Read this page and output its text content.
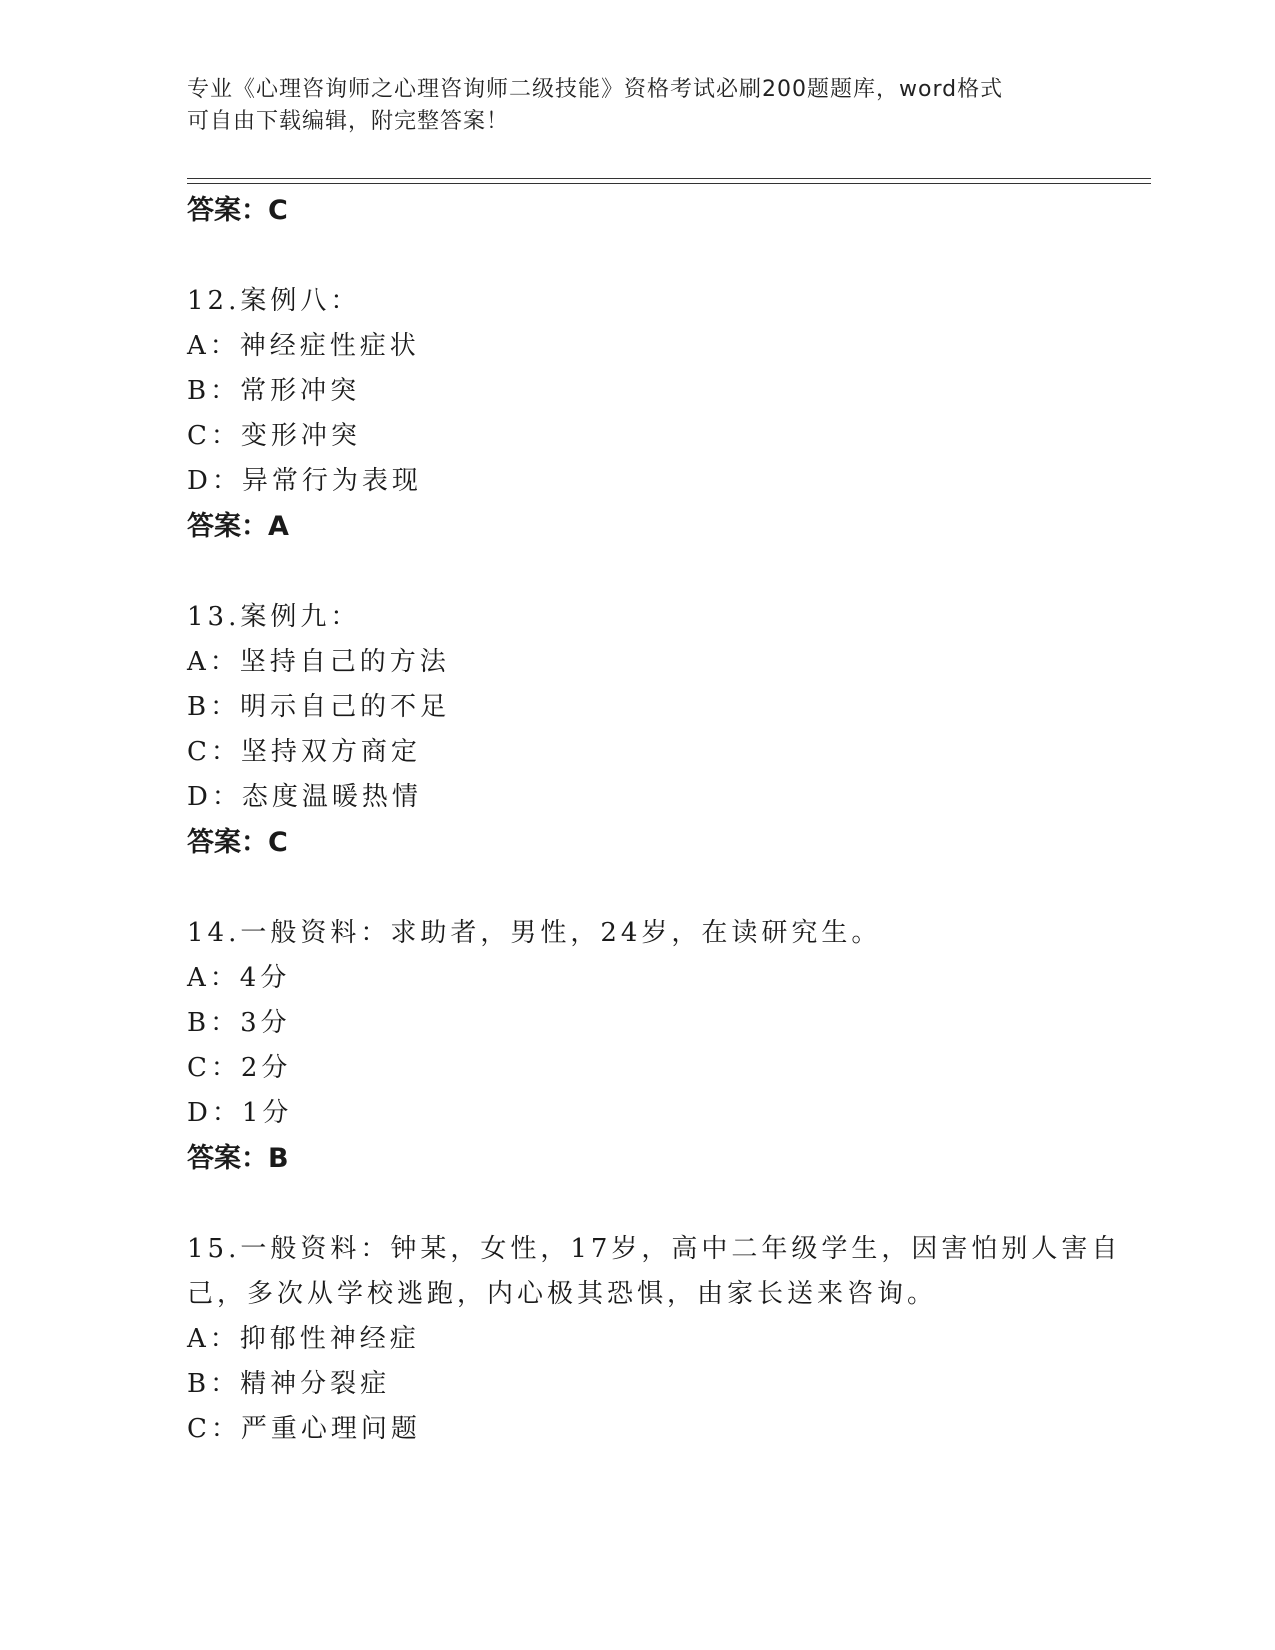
专业《心理咨询师之心理咨询师二级技能》资格考试必刷200题题库，word格式
可自由下载编辑，附完整答案！
答案：C
12.案例八：
A：神经症性症状
B：常形冲突
C：变形冲突
D：异常行为表现
答案：A
13.案例九：
A：坚持自己的方法
B：明示自己的不足
C：坚持双方商定
D：态度温暖热情
答案：C
14.一般资料：求助者，男性，24岁，在读研究生。
A：4分
B：3分
C：2分
D：1分
答案：B
15.一般资料：钟某，女性，17岁，高中二年级学生，因害怕别人害自己，多次从学校逃跑，内心极其恐惧，由家长送来咨询。
A：抑郁性神经症
B：精神分裂症
C：严重心理问题
